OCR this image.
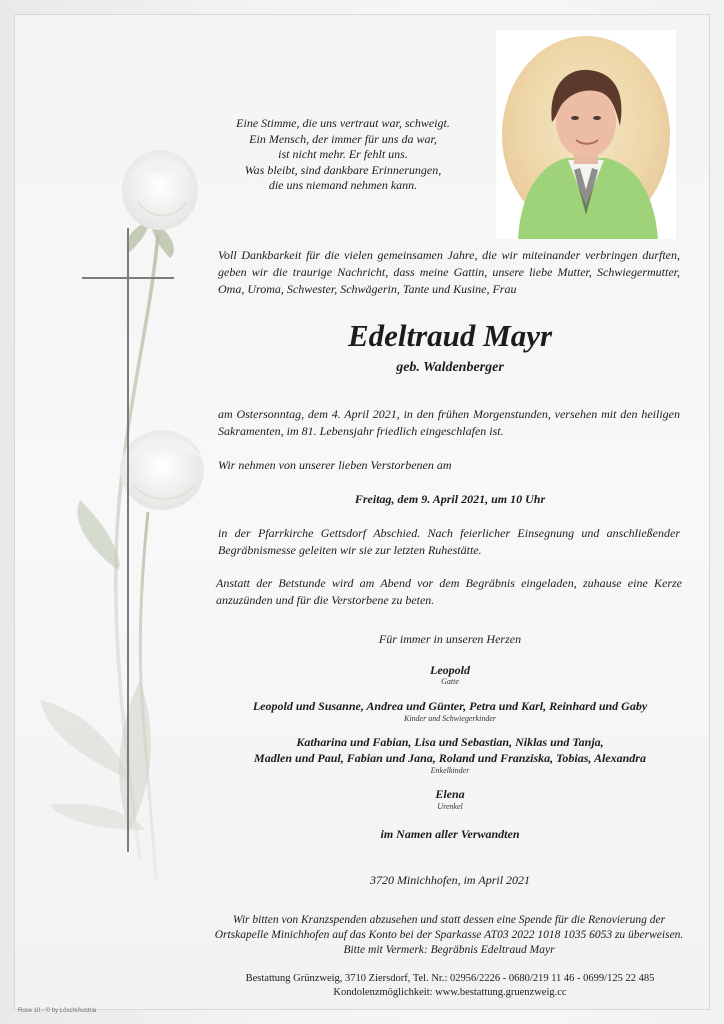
Eine Stimme, die uns vertraut war, schweigt.
Ein Mensch, der immer für uns da war,
ist nicht mehr. Er fehlt uns.
Was bleibt, sind dankbare Erinnerungen,
die uns niemand nehmen kann.
Voll Dankbarkeit für die vielen gemeinsamen Jahre, die wir miteinander verbringen durften, geben wir die traurige Nachricht, dass meine Gattin, unsere liebe Mutter, Schwiegermutter, Oma, Uroma, Schwester, Schwägerin, Tante und Kusine, Frau
Edeltraud Mayr
geb. Waldenberger
am Ostersonntag, dem 4. April 2021, in den frühen Morgenstunden, versehen mit den heiligen Sakramenten, im 81. Lebensjahr friedlich eingeschlafen ist.
Wir nehmen von unserer lieben Verstorbenen am
Freitag, dem 9. April 2021, um 10 Uhr
in der Pfarrkirche Gettsdorf Abschied. Nach feierlicher Einsegnung und anschließender Begräbnismesse geleiten wir sie zur letzten Ruhestätte.
Anstatt der Betstunde wird am Abend vor dem Begräbnis eingeladen, zuhause eine Kerze anzuzünden und für die Verstorbene zu beten.
Für immer in unseren Herzen
Leopold
Gatte
Leopold und Susanne, Andrea und Günter, Petra und Karl, Reinhard und Gaby
Kinder und Schwiegerkinder
Katharina und Fabian, Lisa und Sebastian, Niklas und Tanja,
Madlen und Paul, Fabian und Jana, Roland und Franziska, Tobias, Alexandra
Enkelkinder
Elena
Urenkel
im Namen aller Verwandten
3720 Minichhofen, im April 2021
Wir bitten von Kranzspenden abzusehen und statt dessen eine Spende für die Renovierung der Ortskapelle Minichhofen auf das Konto bei der Sparkasse AT03 2022 1018 1035 6053 zu überweisen. Bitte mit Vermerk: Begräbnis Edeltraud Mayr
Bestattung Grünzweig, 3710 Ziersdorf, Tel. Nr.: 02956/2226 - 0680/219 11 46 - 0699/125 22 485
Kondolenzmöglichkeit: www.bestattung.gruenzweig.cc
Rose 10 - © by Lösch/Austria
